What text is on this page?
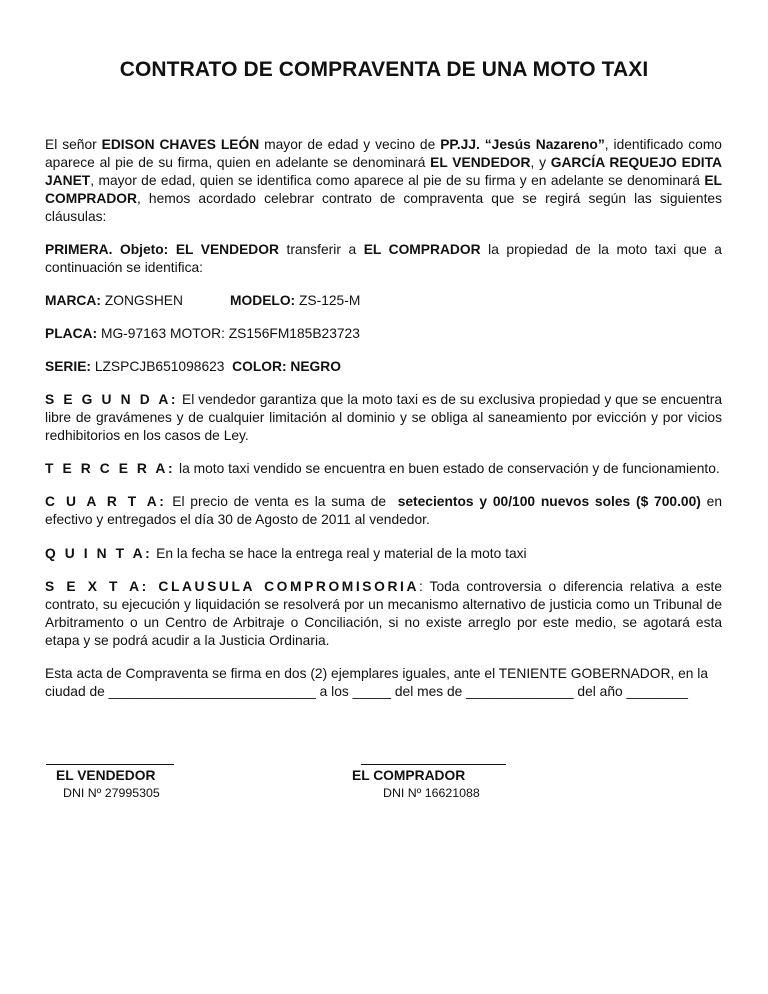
CONTRATO DE COMPRAVENTA DE UNA MOTO TAXI

El señor EDISON CHAVES LEÓN mayor de edad y vecino de PP.JJ. “Jesús Nazareno”, identificado como aparece al pie de su firma, quien en adelante se denominará EL VENDEDOR, y GARCÍA REQUEJO EDITA JANET, mayor de edad, quien se identifica como aparece al pie de su firma y en adelante se denominará EL COMPRADOR, hemos acordado celebrar contrato de compraventa que se regirá según las siguientes cláusulas:

PRIMERA. Objeto: EL VENDEDOR transferir a EL COMPRADOR la propiedad de la moto taxi que a continuación se identifica:

MARCA: ZONGSHEN	MODELO: ZS-125-M

PLACA: MG-97163 MOTOR: ZS156FM185B23723

SERIE: LZSPCJB651098623  COLOR: NEGRO

S E G U N D A: El vendedor garantiza que la moto taxi es de su exclusiva propiedad y que se encuentra libre de gravámenes y de cualquier limitación al dominio y se obliga al saneamiento por evicción y por vicios redhibitorios en los casos de Ley.

T E R C E R A: la moto taxi vendido se encuentra en buen estado de conservación y de funcionamiento.

C U A R T A: El precio de venta es la suma de  setecientos y 00/100 nuevos soles ($ 700.00) en efectivo y entregados el día 30 de Agosto de 2011 al vendedor.

Q U I N T A: En la fecha se hace la entrega real y material de la moto taxi

S E X T A: CLAUSULA COMPROMISORIA: Toda controversia o diferencia relativa a este contrato, su ejecución y liquidación se resolverá por un mecanismo alternativo de justicia como un Tribunal de Arbitramento o un Centro de Arbitraje o Conciliación, si no existe arreglo por este medio, se agotará esta etapa y se podrá acudir a la Justicia Ordinaria.

Esta acta de Compraventa se firma en dos (2) ejemplares iguales, ante el TENIENTE GOBERNADOR, en la
ciudad de ___________________________ a los _____ del mes de ______________ del año ________

EL VENDEDOR
DNI Nº 27995305
EL COMPRADOR
DNI Nº 16621088
